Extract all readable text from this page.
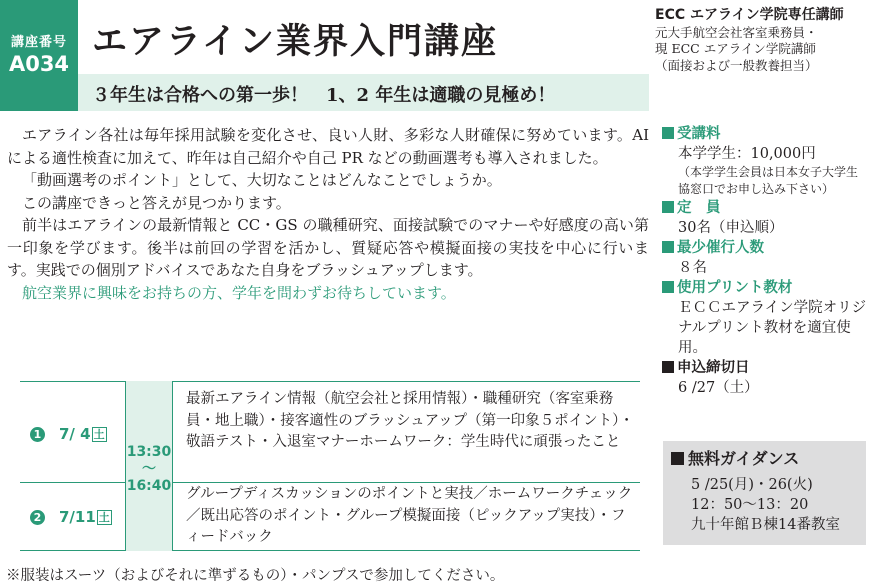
講座番号
A034
エアライン業界入門講座
３年生は合格への第一歩！　1、2 年生は適職の見極め！
ECC エアライン学院専任講師
元大手航空会社客室乗務員・
現 ECC エアライン学院講師
（面接および一般教養担当）

エアライン各社は毎年採用試験を変化させ、良い人財、多彩な人財確保に努めています。AI による適性検査に加えて、昨年は自己紹介や自己 PR などの動画選考も導入されました。

「動画選考のポイント」として、大切なことはどんなことでしょうか。

この講座できっと答えが見つかります。

前半はエアラインの最新情報と CC・GS の職種研究、面接試験でのマナーや好感度の高い第一印象を学びます。後半は前回の学習を活かし、質疑応答や模擬面接の実技を中心に行います。実践での個別アドバイスであなた自身をブラッシュアップします。

航空業界に興味をお持ちの方、学年を問わずお待ちしています。

受講料
本学学生：10,000円
（本学学生会員は日本女子大学生協窓口でお申し込み下さい）
定　員
30名（申込順）
最少催行人数
８名
使用プリント教材
ＥＣＣエアライン学院オリジナルプリント教材を適宜使用。
申込締切日
6 /27（土）
無料ガイダンス
5 /25(月)・26(火)
12：50〜13：20
九十年館Ｂ棟14番教室
13:30
〜
16:40
1 7/ 4 土
最新エアライン情報（航空会社と採用情報）・職種研究（客室乗務員・地上職）・接客適性のブラッシュアップ（第一印象５ポイント）・敬語テスト・入退室マナーホームワーク：学生時代に頑張ったこと
2 7/11 土
グループディスカッションのポイントと実技／ホームワークチェック／既出応答のポイント・グループ模擬面接（ピックアップ実技）・フィードバック
※服装はスーツ（およびそれに準ずるもの）・パンプスで参加してください。
